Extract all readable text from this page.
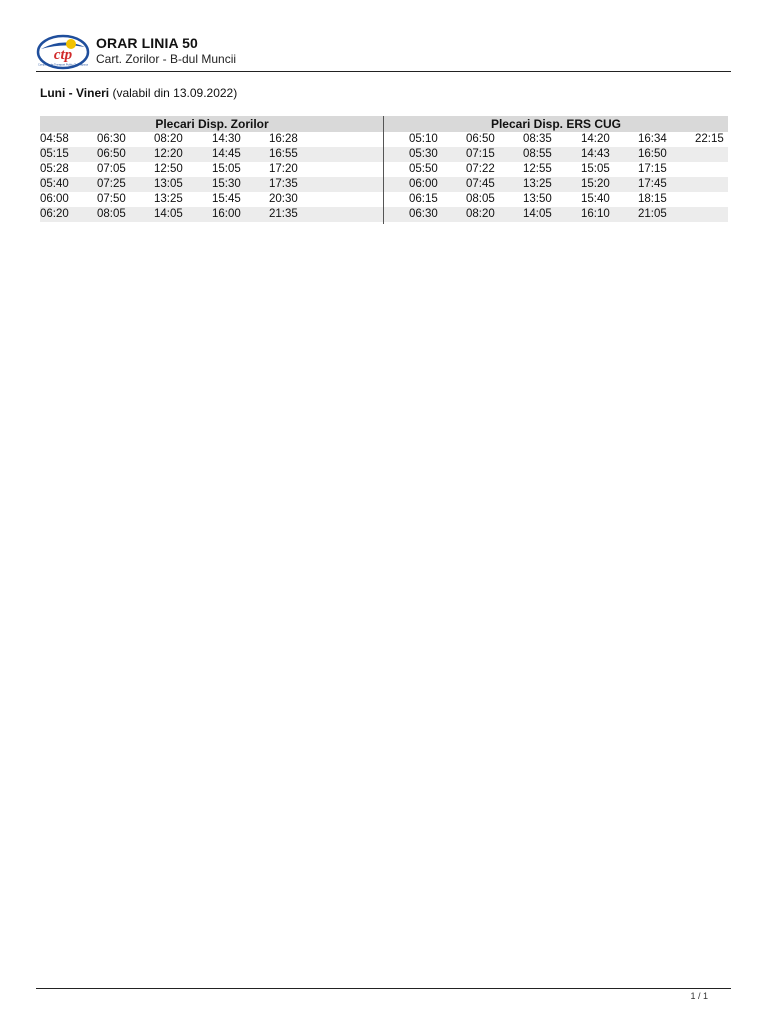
ctp
Compania de Transport Public Cluj-Napoca
ORAR LINIA 50
Cart. Zorilor - B-dul Muncii
Luni - Vineri (valabil din 13.09.2022)
Plecari Disp. Zorilor
04:58 06:30 08:20	14:30 16:28
05:15 06:50 12:20	14:45 16:55
05:28 07:05 12:50	15:05 17:20
05:40 07:25 13:05	15:30 17:35
06:00 07:50 13:25	15:45 20:30
06:20 08:05 14:05	16:00 21:35
Plecari Disp. ERS CUG
05:10 06:50 08:35	14:20 16:34 22:15
05:30 07:15 08:55	14:43 16:50
05:50 07:22 12:55	15:05 17:15
06:00 07:45 13:25	15:20 17:45
06:15 08:05 13:50	15:40 18:15
06:30 08:20 14:05	16:10 21:05
1 / 1
